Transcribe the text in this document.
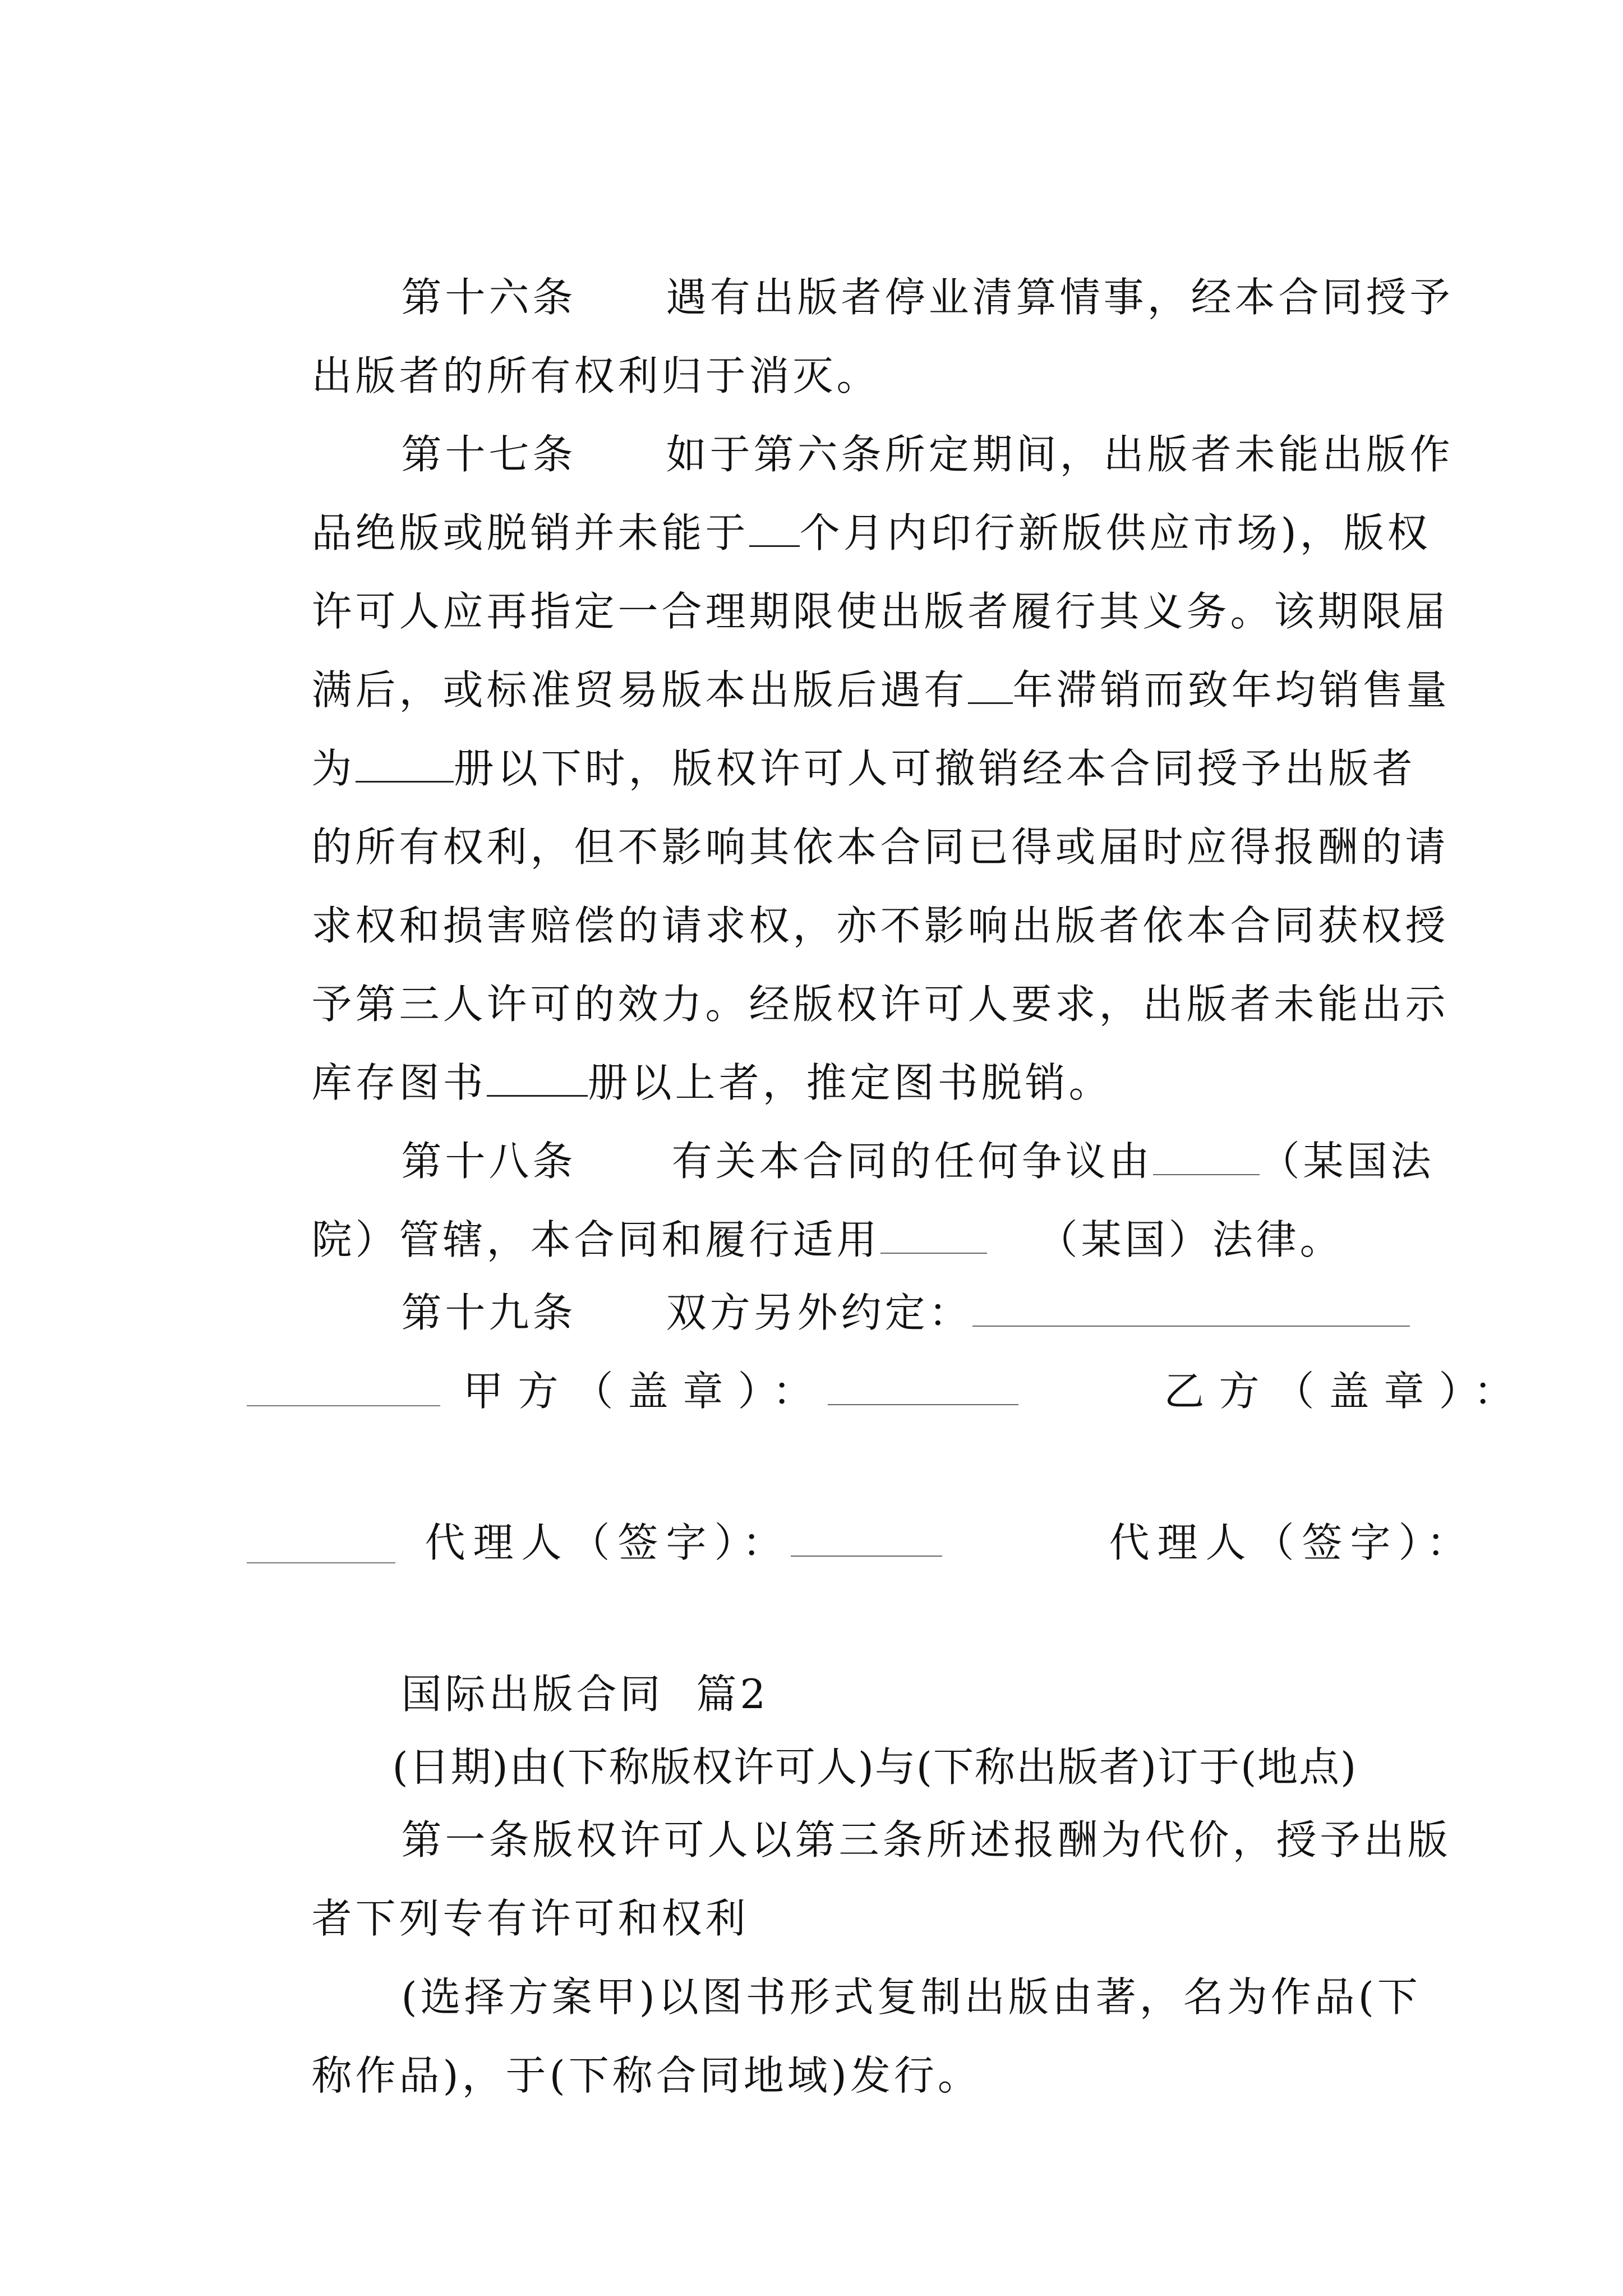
第十六条 遇有出版者停业清算情事，经本合同授予

出版者的所有权利归于消灭。

第十七条 如于第六条所定期间，出版者未能出版作

品绝版或脱销并未能于 个月内印行新版供应市场)，版权

许可人应再指定一合理期限使出版者履行其义务。该期限届

满后，或标准贸易版本出版后遇有 年滞销而致年均销售量

为 册以下时，版权许可人可撤销经本合同授予出版者

的所有权利，但不影响其依本合同已得或届时应得报酬的请

求权和损害赔偿的请求权，亦不影响出版者依本合同获权授

予第三人许可的效力。经版权许可人要求，出版者未能出示

库存图书	册以上者，推定图书脱销。

第十八条 有关本合同的任何争议由	（某国法

院）管辖，本合同和履行适用	（某国）法律。

第十九条 双方另外约定：

甲方（盖章）：
	乙方（盖章）：

代理人（签字）：
	代理人（签字）：

国际出版合同  篇2

(日期)由(下称版权许可人)与(下称出版者)订于(地点)

第一条版权许可人以第三条所述报酬为代价，授予出版

者下列专有许可和权利

(选择方案甲)以图书形式复制出版由著，名为作品(下

称作品)，于(下称合同地域)发行。
